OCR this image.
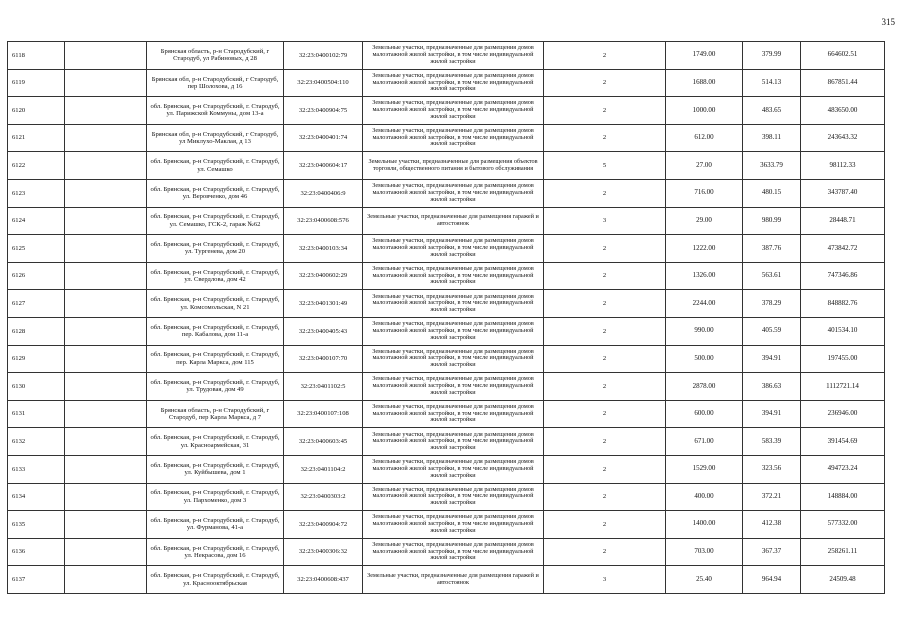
315
6118		Брянская область, р-н Стародубский, г Стародуб, ул Рабиновых, д 28	32:23:0400102:79	Земельные участки, предназначенные для размещения домов малоэтажной жилой застройки, в том числе индивидуальной жилой застройки	2	1749.00	379.99	664602.51
6119		Брянская обл, р-н Стародубский, г Стародуб, пер Шолохова, д 16	32:23:0400504:110	Земельные участки, предназначенные для размещения домов малоэтажной жилой застройки, в том числе индивидуальной жилой застройки	2	1688.00	514.13	867851.44
6120		обл. Брянская, р-н Стародубский, г. Стародуб, ул. Парижской Коммуны, дом 13-а	32:23:0400904:75	Земельные участки, предназначенные для размещения домов малоэтажной жилой застройки, в том числе индивидуальной жилой застройки	2	1000.00	483.65	483650.00
6121		Брянская обл, р-н Стародубский, г Стародуб, ул Миклухо-Маклая, д 13	32:23:0400401:74	Земельные участки, предназначенные для размещения домов малоэтажной жилой застройки, в том числе индивидуальной жилой застройки	2	612.00	398.11	243643.32
6122		обл. Брянская, р-н Стародубский, г. Стародуб, ул. Семашко	32:23:0400604:17	Земельные участки, предназначенные для размещения объектов торговли, общественного питания и бытового обслуживания	5	27.00	3633.79	98112.33
6123		обл. Брянская, р-н Стародубский, г. Стародуб, ул. Веровченко, дом 46	32:23:0400406:9	Земельные участки, предназначенные для размещения домов малоэтажной жилой застройки, в том числе индивидуальной жилой застройки	2	716.00	480.15	343787.40
6124		обл. Брянская, р-н Стародубский, г. Стародуб, ул. Семашко, ГСК-2, гараж №62	32:23:0400608:576	Земельные участки, предназначенные для размещения гаражей и автостоянок	3	29.00	980.99	28448.71
6125		обл. Брянская, р-н Стародубский, г. Стародуб, ул. Тургенева, дом 20	32:23:0400103:34	Земельные участки, предназначенные для размещения домов малоэтажной жилой застройки, в том числе индивидуальной жилой застройки	2	1222.00	387.76	473842.72
6126		обл. Брянская, р-н Стародубский, г. Стародуб, ул. Свердлова, дом 42	32:23:0400602:29	Земельные участки, предназначенные для размещения домов малоэтажной жилой застройки, в том числе индивидуальной жилой застройки	2	1326.00	563.61	747346.86
6127		обл. Брянская, р-н Стародубский, г. Стародуб, ул. Комсомольская, N 21	32:23:0401301:49	Земельные участки, предназначенные для размещения домов малоэтажной жилой застройки, в том числе индивидуальной жилой застройки	2	2244.00	378.29	848882.76
6128		обл. Брянская, р-н Стародубский, г. Стародуб, пер. Кабалова, дом 11-а	32:23:0400405:43	Земельные участки, предназначенные для размещения домов малоэтажной жилой застройки, в том числе индивидуальной жилой застройки	2	990.00	405.59	401534.10
6129		обл. Брянская, р-н Стародубский, г. Стародуб, пер. Карла Маркса, дом 115	32:23:0400107:70	Земельные участки, предназначенные для размещения домов малоэтажной жилой застройки, в том числе индивидуальной жилой застройки	2	500.00	394.91	197455.00
6130		обл. Брянская, р-н Стародубский, г. Стародуб, ул. Трудовая, дом 49	32:23:0401102:5	Земельные участки, предназначенные для размещения домов малоэтажной жилой застройки, в том числе индивидуальной жилой застройки	2	2878.00	386.63	1112721.14
6131		Брянская область, р-н Стародубский, г Стародуб, пер Карла Маркса, д 7	32:23:0400107:108	Земельные участки, предназначенные для размещения домов малоэтажной жилой застройки, в том числе индивидуальной жилой застройки	2	600.00	394.91	236946.00
6132		обл. Брянская, р-н Стародубский, г. Стародуб, ул. Красноармейская, 31	32:23:0400603:45	Земельные участки, предназначенные для размещения домов малоэтажной жилой застройки, в том числе индивидуальной жилой застройки	2	671.00	583.39	391454.69
6133		обл. Брянская, р-н Стародубский, г. Стародуб, ул. Куйбышева, дом 1	32:23:0401104:2	Земельные участки, предназначенные для размещения домов малоэтажной жилой застройки, в том числе индивидуальной жилой застройки	2	1529.00	323.56	494723.24
6134		обл. Брянская, р-н Стародубский, г. Стародуб, ул. Пархоменко, дом 3	32:23:0400303:2	Земельные участки, предназначенные для размещения домов малоэтажной жилой застройки, в том числе индивидуальной жилой застройки	2	400.00	372.21	148884.00
6135		обл. Брянская, р-н Стародубский, г. Стародуб, ул. Фурманова, 41-а	32:23:0400904:72	Земельные участки, предназначенные для размещения домов малоэтажной жилой застройки, в том числе индивидуальной жилой застройки	2	1400.00	412.38	577332.00
6136		обл. Брянская, р-н Стародубский, г. Стародуб, ул. Некрасова, дом 16	32:23:0400306:32	Земельные участки, предназначенные для размещения домов малоэтажной жилой застройки, в том числе индивидуальной жилой застройки	2	703.00	367.37	258261.11
6137		обл. Брянская, р-н Стародубский, г. Стародуб, ул. Краснооктябрьская	32:23:0400608:437	Земельные участки, предназначенные для размещения гаражей и автостоянок	3	25.40	964.94	24509.48
